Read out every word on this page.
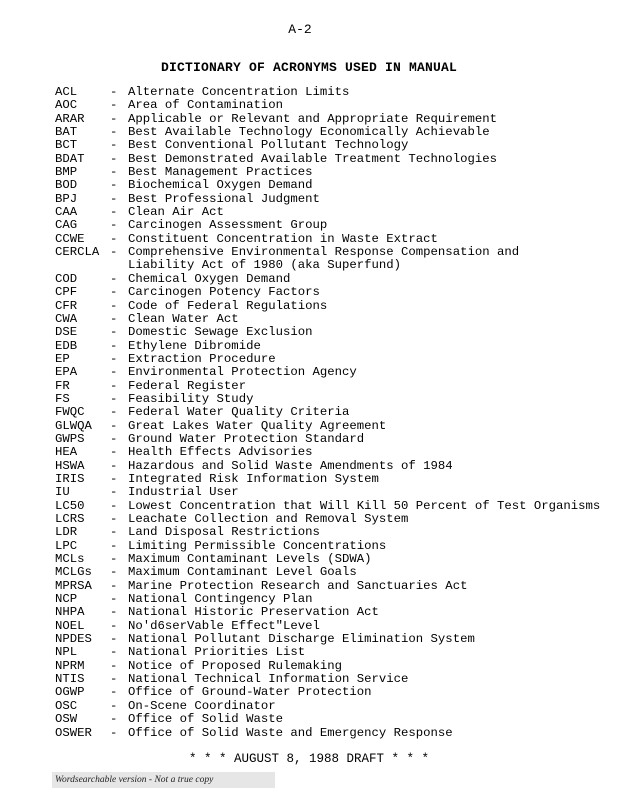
A-2
DICTIONARY OF ACRONYMS USED IN MANUAL
ACL	- Alternate Concentration Limits
AOC	- Area of Contamination
ARAR	- Applicable or Relevant and Appropriate Requirement
BAT	- Best Available Technology Economically Achievable
BCT	- Best Conventional Pollutant Technology
BDAT	- Best Demonstrated Available Treatment Technologies
BMP	- Best Management Practices
BOD	- Biochemical Oxygen Demand
BPJ	- Best Professional Judgment
CAA	- Clean Air Act
CAG	- Carcinogen Assessment Group
CCWE	- Constituent Concentration in Waste Extract
CERCLA - Comprehensive Environmental Response Compensation and
Liability Act of 1980 (aka Superfund)
COD	- Chemical Oxygen Demand
CPF	- Carcinogen Potency Factors
CFR	- Code of Federal Regulations
CWA	- Clean Water Act
DSE	- Domestic Sewage Exclusion
EDB	- Ethylene Dibromide
EP	- Extraction Procedure
EPA	- Environmental Protection Agency
FR	- Federal Register
FS	- Feasibility Study
FWQC	- Federal Water Quality Criteria
GLWQA	- Great Lakes Water Quality Agreement
GWPS	- Ground Water Protection Standard
HEA	- Health Effects Advisories
HSWA	- Hazardous and Solid Waste Amendments of 1984
IRIS	- Integrated Risk Information System
IU	- Industrial User
LC50	- Lowest Concentration that Will Kill 50 Percent of Test Organisms
LCRS	- Leachate Collection and Removal System
LDR	- Land Disposal Restrictions
LPC	- Limiting Permissible Concentrations
MCLs	- Maximum Contaminant Levels (SDWA)
MCLGs	- Maximum Contaminant Level Goals
MPRSA	- Marine Protection Research and Sanctuaries Act
NCP	- National Contingency Plan
NHPA	- National Historic Preservation Act
NOEL	- No'd6serVable Effect"Level
NPDES	- National Pollutant Discharge Elimination System
NPL	- National Priorities List
NPRM	- Notice of Proposed Rulemaking
NTIS	- National Technical Information Service
OGWP	- Office of Ground-Water Protection
OSC	- On-Scene Coordinator
OSW	- Office of Solid Waste
OSWER	- Office of Solid Waste and Emergency Response
* * * AUGUST 8, 1988 DRAFT * * *
Wordsearchable version - Not a true copy
